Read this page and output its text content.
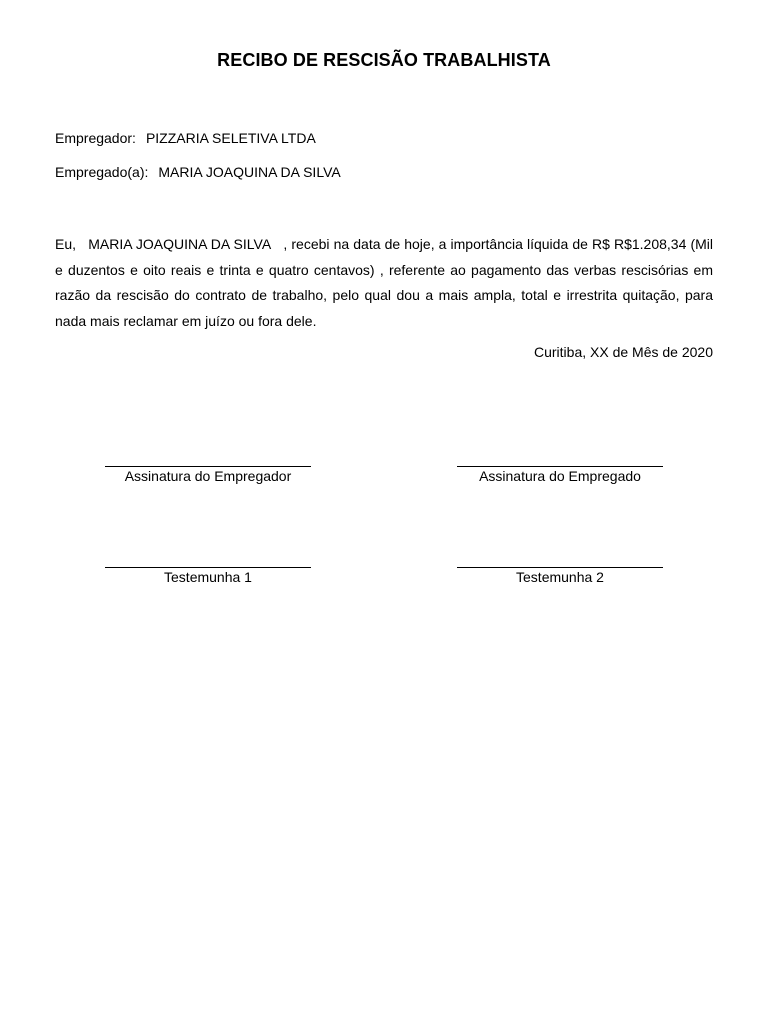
RECIBO DE RESCISÃO TRABALHISTA
Empregador: PIZZARIA SELETIVA LTDA
Empregado(a): MARIA JOAQUINA DA SILVA
Eu, MARIA JOAQUINA DA SILVA , recebi na data de hoje, a importância líquida de R$ R$1.208,34 (Mil e duzentos e oito reais e trinta e quatro centavos) , referente ao pagamento das verbas rescisórias em razão da rescisão do contrato de trabalho, pelo qual dou a mais ampla, total e irrestrita quitação, para nada mais reclamar em juízo ou fora dele.
Curitiba, XX de Mês de 2020
Assinatura do Empregador	Assinatura do Empregado
Testemunha 1	Testemunha 2
